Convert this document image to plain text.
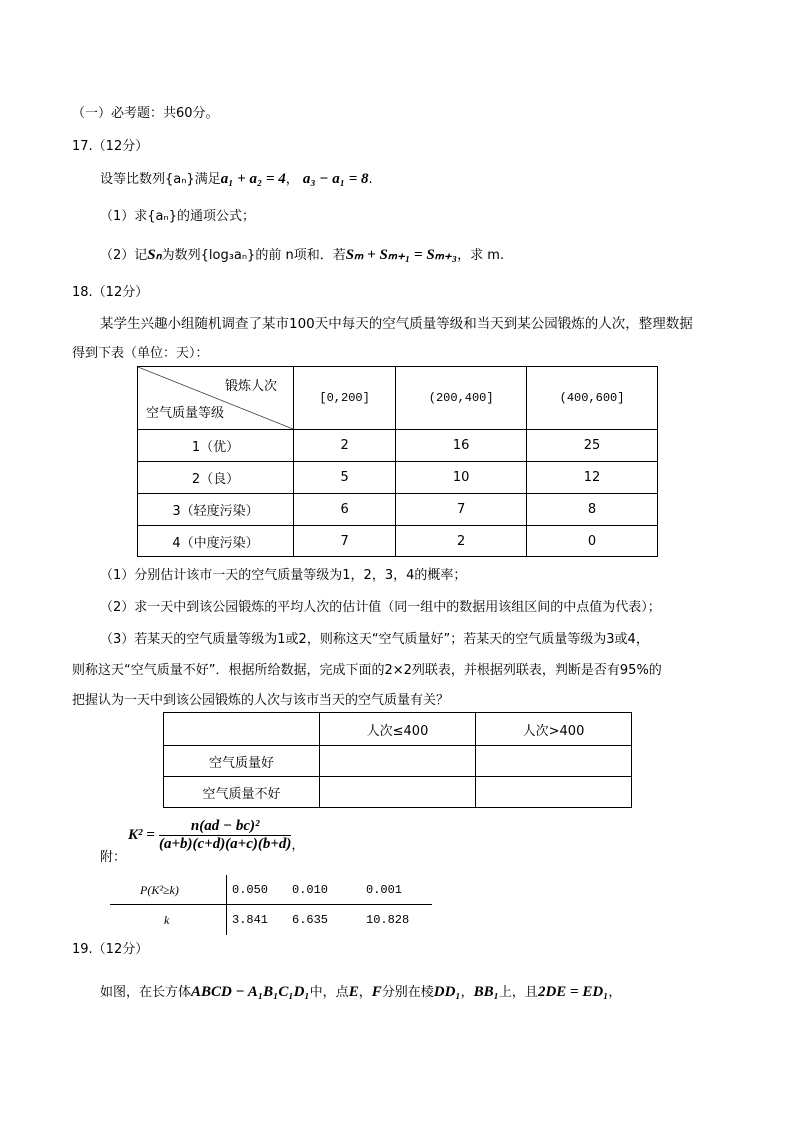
（一）必考题：共60分。
17.（12分）
设等比数列{aₙ}满足a₁ + a₂ = 4， a₃ − a₁ = 8.
（1）求{aₙ}的通项公式；
（2）记Sₙ为数列{log₃aₙ}的前 n项和．若Sₘ + Sₘ₊₁ = Sₘ₊₃，求 m.
18.（12分）
某学生兴趣小组随机调查了某市100天中每天的空气质量等级和当天到某公园锻炼的人次，整理数据
得到下表（单位：天）：
锻炼人次
空气质量等级	[0,200]	(200,400]	(400,600]
1（优）	2	16	25
2（良）	5	10	12
3（轻度污染）	6	7	8
4（中度污染）	7	2	0
（1）分别估计该市一天的空气质量等级为1，2，3，4的概率；
（2）求一天中到该公园锻炼的平均人次的估计值（同一组中的数据用该组区间的中点值为代表）；
（3）若某天的空气质量等级为1或2，则称这天“空气质量好”；若某天的空气质量等级为3或4，
则称这天“空气质量不好”．根据所给数据，完成下面的2×2列联表，并根据列联表，判断是否有95%的
把握认为一天中到该公园锻炼的人次与该市当天的空气质量有关？
	人次≤400	人次>400
空气质量好		
空气质量不好		
附：
$K^2 = \frac{\text{n(ad − bc)²}}{(a+b)(c+d)(a+c)(b+d)}$ ，
P(K²≥k)	0.050 0.010	0.001
k	3.841 6.635	10.828
19.（12分）
如图，在长方体ABCD − A₁B₁C₁D₁中，点E，F分别在棱DD₁，BB₁上，且2DE = ED₁，
